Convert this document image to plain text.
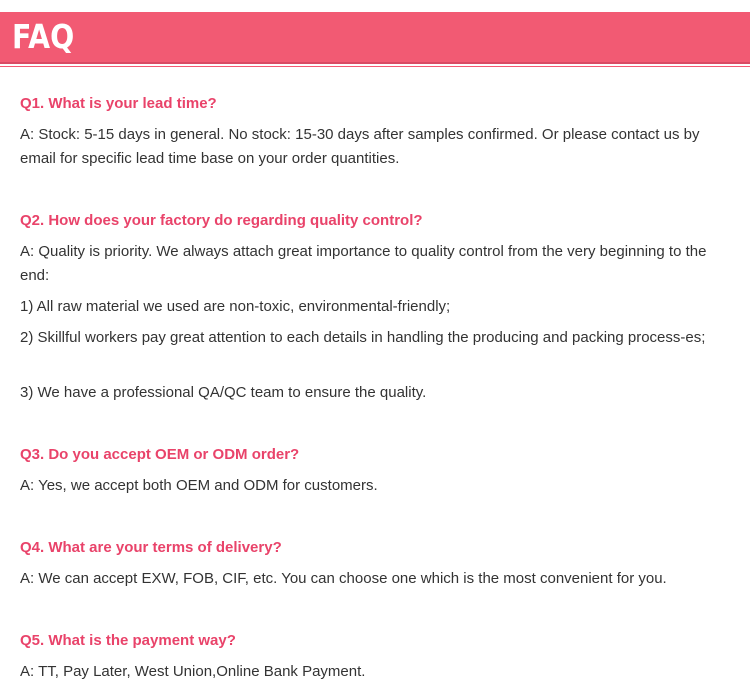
FAQ
Q1. What is your lead time?
A: Stock: 5-15 days in general. No stock: 15-30 days after samples confirmed. Or please contact us by email for specific lead time base on your order quantities.
Q2. How does your factory do regarding quality control?
A: Quality is priority. We always attach great importance to quality control from the very beginning to the end:
1) All raw material we used are non-toxic, environmental-friendly;
2) Skillful workers pay great attention to each details in handling the producing and packing process-es;
3) We have a professional QA/QC team to ensure the quality.
Q3. Do you accept OEM or ODM order?
A: Yes, we accept both OEM and ODM for customers.
Q4. What are your terms of delivery?
A: We can accept EXW, FOB, CIF, etc. You can choose one which is the most convenient for you.
Q5. What is the payment way?
A: TT, Pay Later, West Union,Online Bank Payment.
